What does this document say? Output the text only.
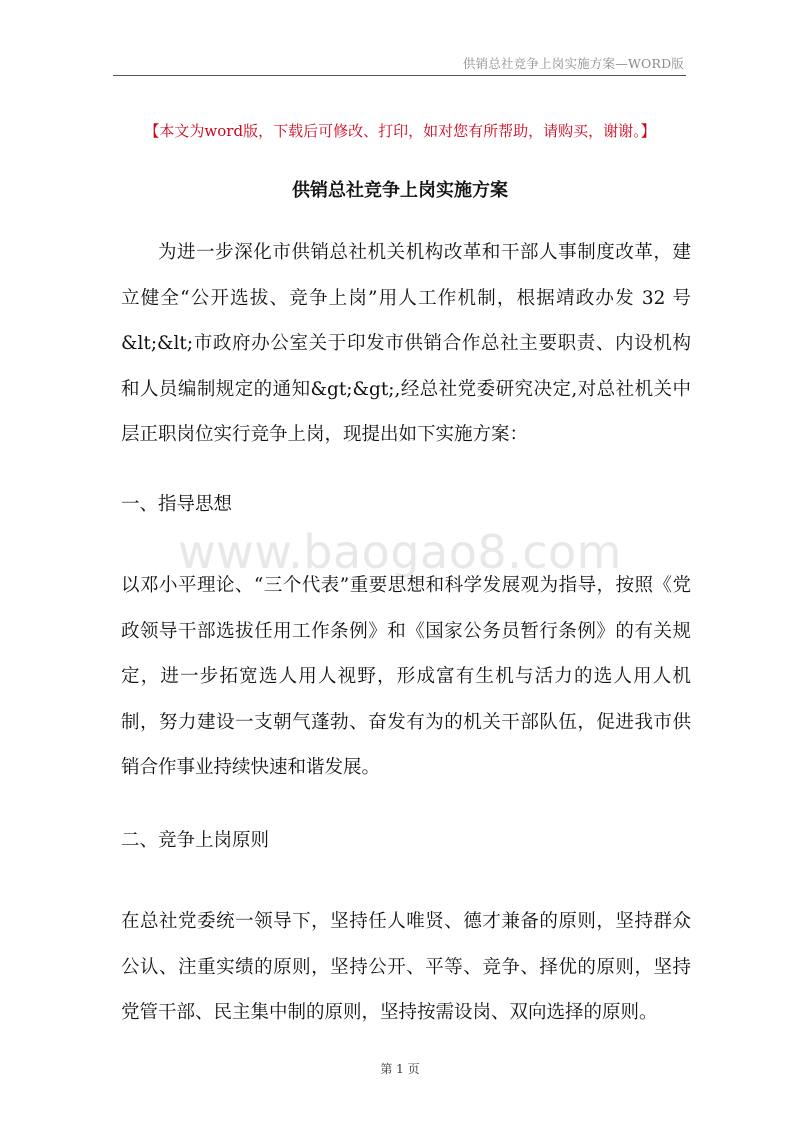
供销总社竞争上岗实施方案—WORD版
【本文为word版，下载后可修改、打印，如对您有所帮助，请购买，谢谢。】
供销总社竞争上岗实施方案
为进一步深化市供销总社机关机构改革和干部人事制度改革，建立健全“公开选拔、竞争上岗”用人工作机制，根据靖政办发 32 号&lt;&lt;市政府办公室关于印发市供销合作总社主要职责、内设机构和人员编制规定的通知&gt;&gt;,经总社党委研究决定,对总社机关中层正职岗位实行竞争上岗，现提出如下实施方案：
一、指导思想
www.baogao8.com
以邓小平理论、“三个代表”重要思想和科学发展观为指导，按照《党政领导干部选拔任用工作条例》和《国家公务员暂行条例》的有关规定，进一步拓宽选人用人视野，形成富有生机与活力的选人用人机制，努力建设一支朝气蓬勃、奋发有为的机关干部队伍，促进我市供销合作事业持续快速和谐发展。
二、竞争上岗原则
在总社党委统一领导下，坚持任人唯贤、德才兼备的原则，坚持群众公认、注重实绩的原则，坚持公开、平等、竞争、择优的原则，坚持党管干部、民主集中制的原则，坚持按需设岗、双向选择的原则。
第 1 页
